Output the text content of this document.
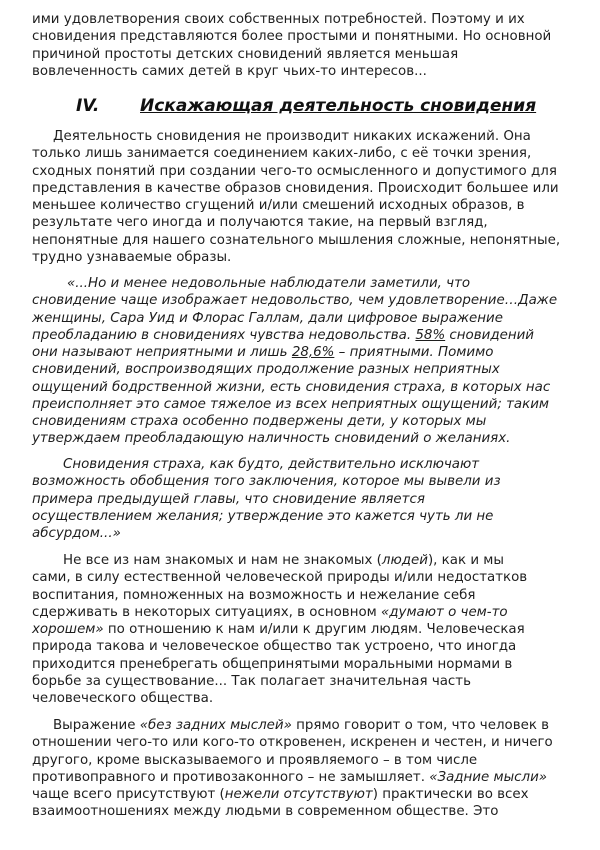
IV. Искажающая деятельность сновидения
ими удовлетворения своих собственных потребностей. Поэтому и их
сновидения представляются более простыми и понятными. Но основной
причиной простоты детских сновидений является меньшая
вовлеченность самих детей в круг чьих-то интересов...
Деятельность сновидения не производит никаких искажений. Она
только лишь занимается соединением каких-либо, с её точки зрения,
сходных понятий при создании чего-то осмысленного и допустимого для
представления в качестве образов сновидения. Происходит большее или
меньшее количество сгущений и/или смешений исходных образов, в
результате чего иногда и получаются такие, на первый взгляд,
непонятные для нашего сознательного мышления сложные, непонятные,
трудно узнаваемые образы.
«...Но и менее недовольные наблюдатели заметили, что
сновидение чаще изображает недовольство, чем удовлетворение…Даже
женщины, Сара Уид и Флорас Галлам, дали цифровое выражение
преобладанию в сновидениях чувства недовольства. 58% сновидений
они называют неприятными и лишь 28,6% – приятными. Помимо
сновидений, воспроизводящих продолжение разных неприятных
ощущений бодрственной жизни, есть сновидения страха, в которых нас
преисполняет это самое тяжелое из всех неприятных ощущений; таким
сновидениям страха особенно подвержены дети, у которых мы
утверждаем преобладающую наличность сновидений о желаниях.
Сновидения страха, как будто, действительно исключают
возможность обобщения того заключения, которое мы вывели из
примера предыдущей главы, что сновидение является
осуществлением желания; утверждение это кажется чуть ли не
абсурдом...»
Не все из нам знакомых и нам не знакомых (людей), как и мы
сами, в силу естественной человеческой природы и/или недостатков
воспитания, помноженных на возможность и нежелание себя
сдерживать в некоторых ситуациях, в основном «думают о чем-то
хорошем» по отношению к нам и/или к другим людям. Человеческая
природа такова и человеческое общество так устроено, что иногда
приходится пренебрегать общепринятыми моральными нормами в
борьбе за существование... Так полагает значительная часть
человеческого общества.
Выражение «без задних мыслей» прямо говорит о том, что человек в
отношении чего-то или кого-то откровенен, искренен и честен, и ничего
другого, кроме высказываемого и проявляемого – в том числе
противоправного и противозаконного – не замышляет. «Задние мысли»
чаще всего присутствуют (нежели отсутствуют) практически во всех
взаимоотношениях между людьми в современном обществе. Это
